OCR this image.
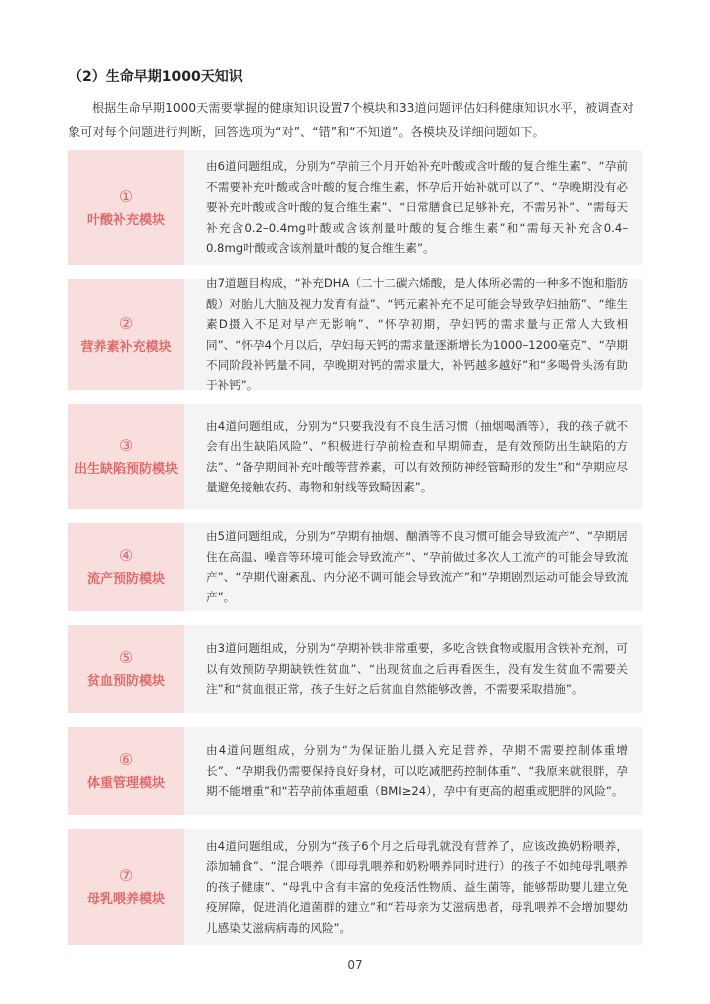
（2）生命早期1000天知识

根据生命早期1000天需要掌握的健康知识设置7个模块和33道问题评估妇科健康知识水平，被调查对象可对每个问题进行判断，回答选项为“对”、“错”和“不知道”。各模块及详细问题如下。

①
叶酸补充模块
由6道问题组成，分别为“孕前三个月开始补充叶酸或含叶酸的复合维生素”、“孕前不需要补充叶酸或含叶酸的复合维生素，怀孕后开始补就可以了”、“孕晚期没有必要补充叶酸或含叶酸的复合维生素”、“日常膳食已足够补充，不需另补”、“需每天补充含0.2–0.4mg叶酸或含该剂量叶酸的复合维生素”和“需每天补充含0.4–0.8mg叶酸或含该剂量叶酸的复合维生素”。
②
营养素补充模块
由7道题目构成，“补充DHA（二十二碳六烯酸，是人体所必需的一种多不饱和脂肪酸）对胎儿大脑及视力发育有益”、“钙元素补充不足可能会导致孕妇抽筋”、“维生素D摄入不足对早产无影响”、“怀孕初期，孕妇钙的需求量与正常人大致相同”、“怀孕4个月以后，孕妇每天钙的需求量逐渐增长为1000–1200毫克”、“孕期不同阶段补钙量不同，孕晚期对钙的需求量大，补钙越多越好”和“多喝骨头汤有助于补钙”。
③
出生缺陷预防模块
由4道问题组成，分别为“只要我没有不良生活习惯（抽烟喝酒等），我的孩子就不会有出生缺陷风险”、“积极进行孕前检查和早期筛查，是有效预防出生缺陷的方法”、“备孕期间补充叶酸等营养素，可以有效预防神经管畸形的发生”和“孕期应尽量避免接触农药、毒物和射线等致畸因素”。
④
流产预防模块
由5道问题组成，分别为“孕期有抽烟、酗酒等不良习惯可能会导致流产”、“孕期居住在高温、噪音等环境可能会导致流产”、“孕前做过多次人工流产的可能会导致流产”、“孕期代谢紊乱、内分泌不调可能会导致流产”和“孕期剧烈运动可能会导致流产”。
⑤
贫血预防模块
由3道问题组成，分别为“孕期补铁非常重要，多吃含铁食物或服用含铁补充剂，可以有效预防孕期缺铁性贫血”、“出现贫血之后再看医生，没有发生贫血不需要关注”和“贫血很正常，孩子生好之后贫血自然能够改善，不需要采取措施”。
⑥
体重管理模块
由4道问题组成，分别为“为保证胎儿摄入充足营养，孕期不需要控制体重增长”、“孕期我仍需要保持良好身材，可以吃减肥药控制体重”、“我原来就很胖，孕期不能增重”和“若孕前体重超重（BMI≥24），孕中有更高的超重或肥胖的风险”。
⑦
母乳喂养模块
由4道问题组成，分别为“孩子6个月之后母乳就没有营养了，应该改换奶粉喂养，添加辅食”、“混合喂养（即母乳喂养和奶粉喂养同时进行）的孩子不如纯母乳喂养的孩子健康”、“母乳中含有丰富的免疫活性物质、益生菌等，能够帮助婴儿建立免疫屏障，促进消化道菌群的建立”和“若母亲为艾滋病患者，母乳喂养不会增加婴幼儿感染艾滋病病毒的风险”。
07
